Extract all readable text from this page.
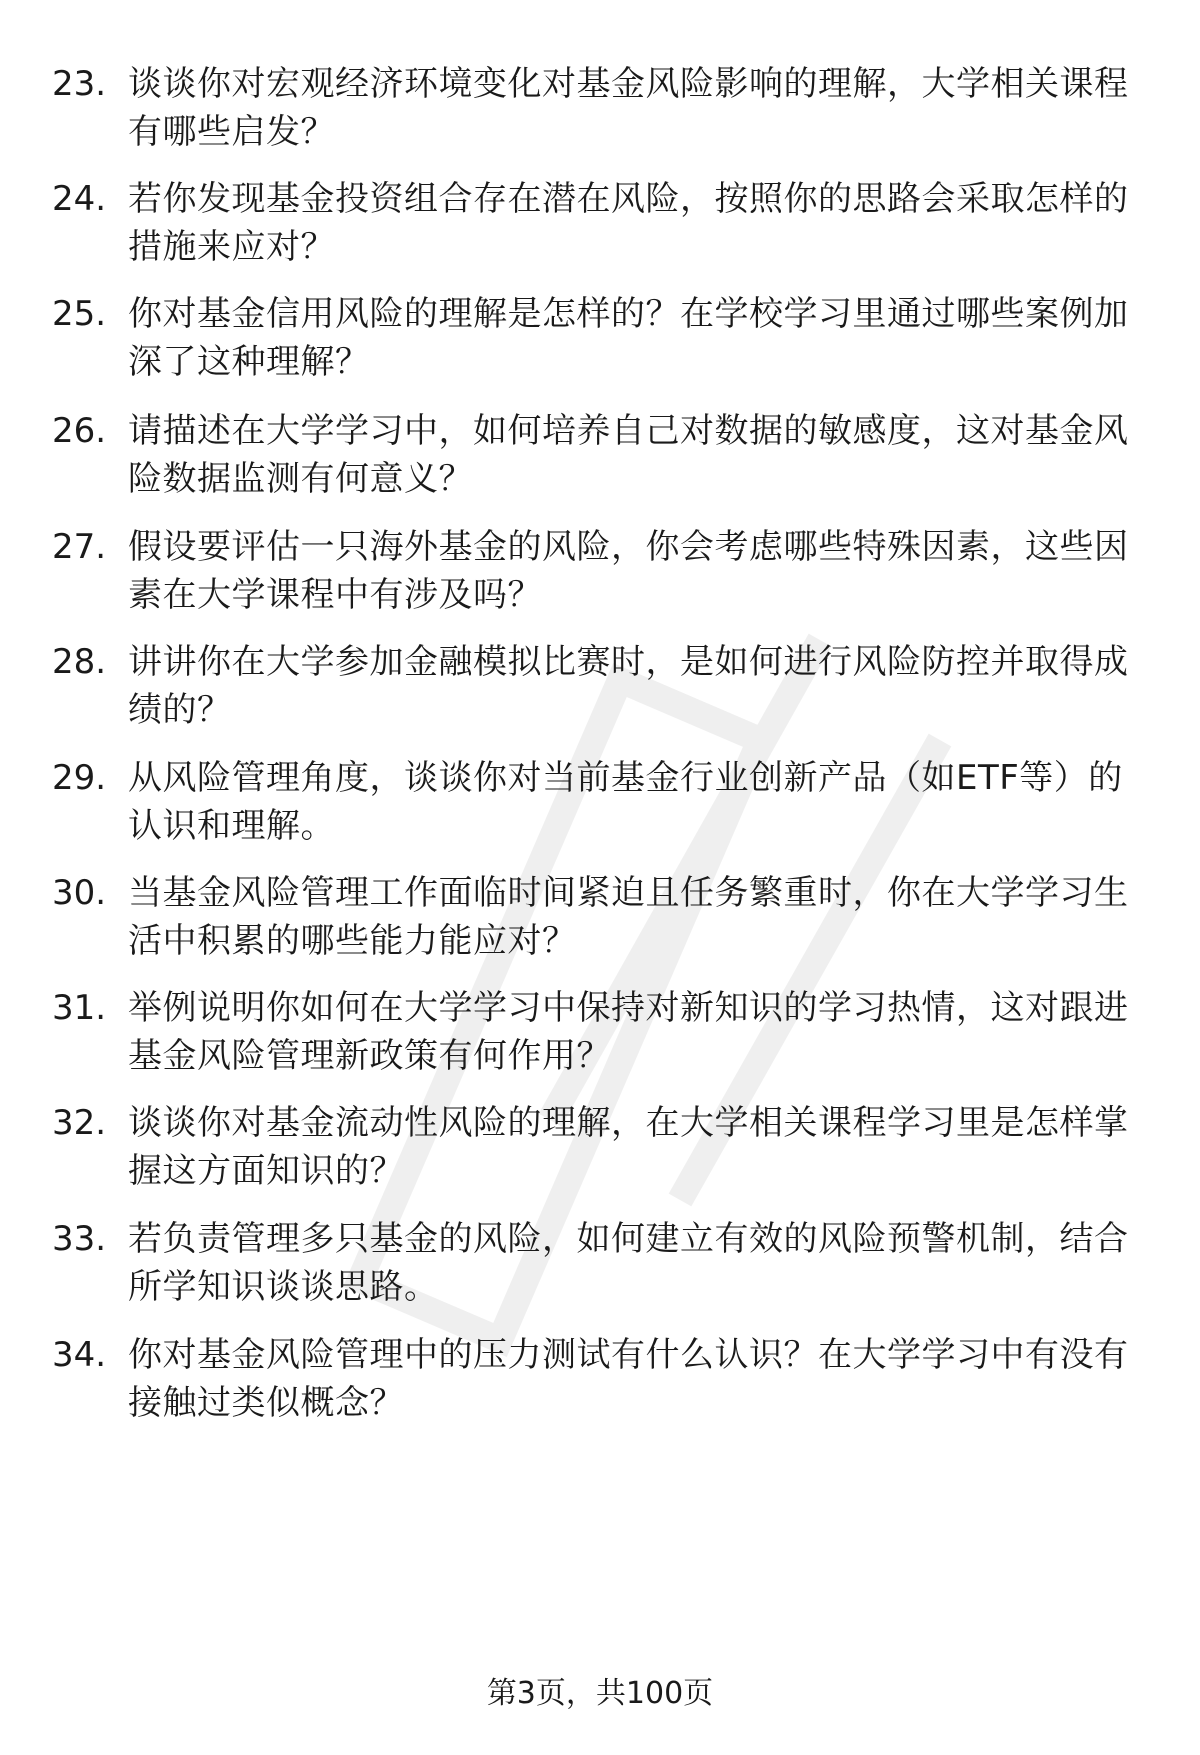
23. 谈谈你对宏观经济环境变化对基金风险影响的理解，大学相关课程有哪些启发？
24. 若你发现基金投资组合存在潜在风险，按照你的思路会采取怎样的措施来应对？
25. 你对基金信用风险的理解是怎样的？在学校学习里通过哪些案例加深了这种理解？
26. 请描述在大学学习中，如何培养自己对数据的敏感度，这对基金风险数据监测有何意义？
27. 假设要评估一只海外基金的风险，你会考虑哪些特殊因素，这些因素在大学课程中有涉及吗？
28. 讲讲你在大学参加金融模拟比赛时，是如何进行风险防控并取得成绩的？
29. 从风险管理角度，谈谈你对当前基金行业创新产品（如ETF等）的认识和理解。
30. 当基金风险管理工作面临时间紧迫且任务繁重时，你在大学学习生活中积累的哪些能力能应对？
31. 举例说明你如何在大学学习中保持对新知识的学习热情，这对跟进基金风险管理新政策有何作用？
32. 谈谈你对基金流动性风险的理解，在大学相关课程学习里是怎样掌握这方面知识的？
33. 若负责管理多只基金的风险，如何建立有效的风险预警机制，结合所学知识谈谈思路。
34. 你对基金风险管理中的压力测试有什么认识？在大学学习中有没有接触过类似概念？
第3页，共100页
